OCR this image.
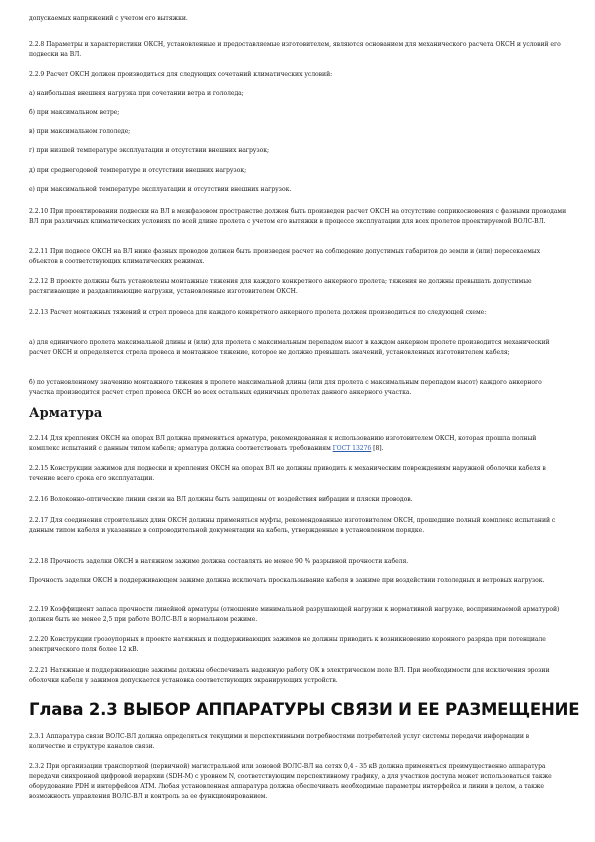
допускаемых напряжений с учетом его вытяжки.

2.2.8 Параметры и характеристики ОКСН, установленные и предоставляемые изготовителем, являются основанием для механического расчета ОКСН и условий его подвески на ВЛ.

2.2.9 Расчет ОКСН должен производиться для следующих сочетаний климатических условий:

а) наибольшая внешняя нагрузка при сочетании ветра и гололеда;

б) при максимальном ветре;

в) при максимальном гололеде;

г) при низшей температуре эксплуатации и отсутствии внешних нагрузок;

д) при среднегодовой температуре и отсутствии внешних нагрузок;

е) при максимальной температуре эксплуатации и отсутствии внешних нагрузок.

2.2.10 При проектировании подвески на ВЛ в межфазовом пространстве должен быть произведен расчет ОКСН на отсутствие соприкосновения с фазными проводами ВЛ при различных климатических условиях по всей длине пролета с учетом его вытяжки в процессе эксплуатации для всех пролетов проектируемой ВОЛС-ВЛ.

2.2.11 При подвесе ОКСН на ВЛ ниже фазных проводов должен быть произведен расчет на соблюдение допустимых габаритов до земли и (или) пересекаемых объектов в соответствующих климатических режимах.

2.2.12 В проекте должны быть установлены монтажные тяжения для каждого конкретного анкерного пролета; тяжения не должны превышать допустимые растягивающие и раздавливающие нагрузки, установленные изготовителем ОКСН.

2.2.13 Расчет монтажных тяжений и стрел провеса для каждого конкретного анкерного пролета должен производиться по следующей схеме:

а) для единичного пролета максимальной длины и (или) для пролета с максимальным перепадом высот в каждом анкерном пролете производится механический расчет ОКСН и определяется стрела провеса и монтажное тяжение, которое не должно превышать значений, установленных изготовителем кабеля;

б) по установленному значению монтажного тяжения в пролете максимальной длины (или для пролета с максимальным перепадом высот) каждого анкерного участка производится расчет стрел провеса ОКСН во всех остальных единичных пролетах данного анкерного участка.

Арматура

2.2.14 Для крепления ОКСН на опорах ВЛ должна применяться арматура, рекомендованная к использованию изготовителем ОКСН, которая прошла полный комплекс испытаний с данным типом кабеля; арматура должна соответствовать требованиям ГОСТ 13276 [8].

2.2.15 Конструкции зажимов для подвески и крепления ОКСН на опорах ВЛ не должны приводить к механическим повреждениям наружной оболочки кабеля в течение всего срока его эксплуатации.

2.2.16 Волоконно-оптические линии связи на ВЛ должны быть защищены от воздействия вибрации и пляски проводов.

2.2.17 Для соединения строительных длин ОКСН должны применяться муфты, рекомендованные изготовителем ОКСН, прошедшие полный комплекс испытаний с данным типом кабеля и указанные в сопроводительной документации на кабель, утвержденные в установленном порядке.

2.2.18 Прочность заделки ОКСН в натяжном зажиме должна составлять не менее 90 % разрывной прочности кабеля.

Прочность заделки ОКСН в поддерживающем зажиме должна исключать проскальзывание кабеля в зажиме при воздействии гололедных и ветровых нагрузок.

2.2.19 Коэффициент запаса прочности линейной арматуры (отношение минимальной разрушающей нагрузки к нормативной нагрузке, воспринимаемой арматурой) должен быть не менее 2,5 при работе ВОЛС-ВЛ в нормальном режиме.

2.2.20 Конструкции грозоупорных в проекте натяжных и поддерживающих зажимов не должны приводить к возникновению коронного разряда при потенциале электрического поля более 12 кВ.

2.2.21 Натяжные и поддерживающие зажимы должны обеспечивать надежную работу ОК в электрическом поле ВЛ. При необходимости для исключения эрозии оболочки кабеля у зажимов допускается установка соответствующих экранирующих устройств.

Глава 2.3 ВЫБОР АППАРАТУРЫ СВЯЗИ И ЕЕ РАЗМЕЩЕНИЕ

2.3.1 Аппаратура связи ВОЛС-ВЛ должна определяться текущими и перспективными потребностями потребителей услуг системы передачи информации в количестве и структуре каналов связи.

2.3.2 При организации транспортной (первичной) магистральной или зоновой ВОЛС-ВЛ на сетях 0,4 - 35 кВ должна применяться преимущественно аппаратура передачи синхронной цифровой иерархии (SDH-M) с уровнем N, соответствующим перспективному графику, а для участков доступа может использоваться также оборудование PDH и интерфейсов ATM. Любая установленная аппаратура должна обеспечивать необходимые параметры интерфейса и линии в целом, а также возможность управления ВОЛС-ВЛ и контроль за ее функционированием.
